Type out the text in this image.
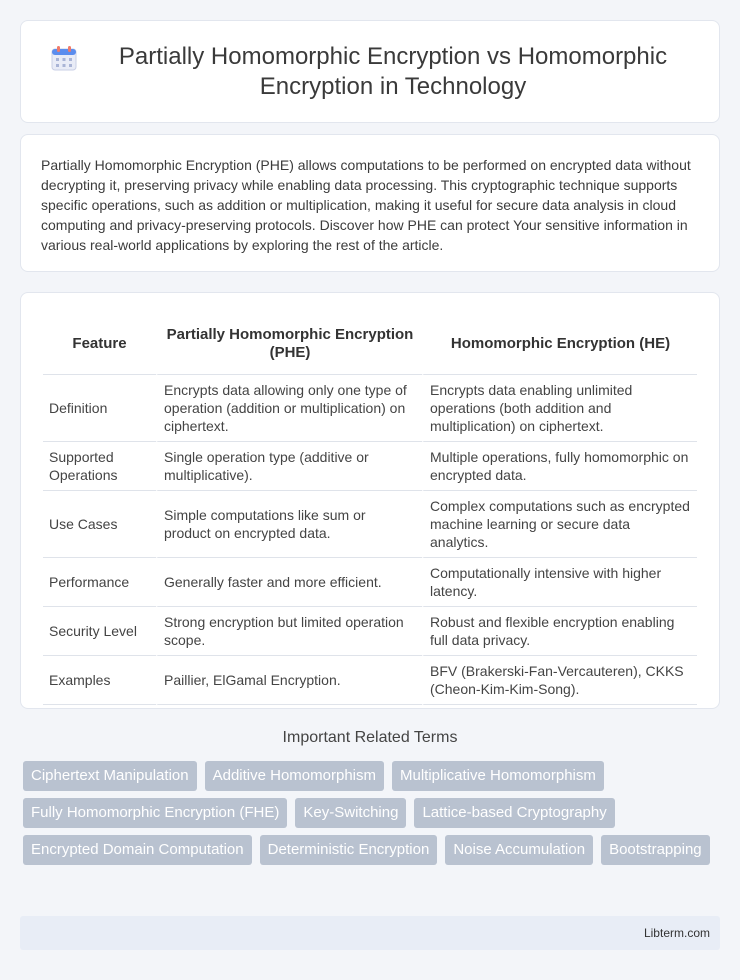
Partially Homomorphic Encryption vs Homomorphic Encryption in Technology

Partially Homomorphic Encryption (PHE) allows computations to be performed on encrypted data without decrypting it, preserving privacy while enabling data processing. This cryptographic technique supports specific operations, such as addition or multiplication, making it useful for secure data analysis in cloud computing and privacy-preserving protocols. Discover how PHE can protect Your sensitive information in various real-world applications by exploring the rest of the article.

Feature	Partially Homomorphic Encryption (PHE)	Homomorphic Encryption (HE)
Definition	Encrypts data allowing only one type of operation (addition or multiplication) on ciphertext.	Encrypts data enabling unlimited operations (both addition and multiplication) on ciphertext.
Supported Operations	Single operation type (additive or multiplicative).	Multiple operations, fully homomorphic on encrypted data.
Use Cases	Simple computations like sum or product on encrypted data.	Complex computations such as encrypted machine learning or secure data analytics.
Performance	Generally faster and more efficient.	Computationally intensive with higher latency.
Security Level	Strong encryption but limited operation scope.	Robust and flexible encryption enabling full data privacy.
Examples	Paillier, ElGamal Encryption.	BFV (Brakerski-Fan-Vercauteren), CKKS (Cheon-Kim-Kim-Song).
Important Related Terms
Ciphertext Manipulation	Additive Homomorphism	Multiplicative Homomorphism
Fully Homomorphic Encryption (FHE)	Key-Switching	Lattice-based Cryptography
Encrypted Domain Computation	Deterministic Encryption	Noise Accumulation	Bootstrapping
Libterm.com
